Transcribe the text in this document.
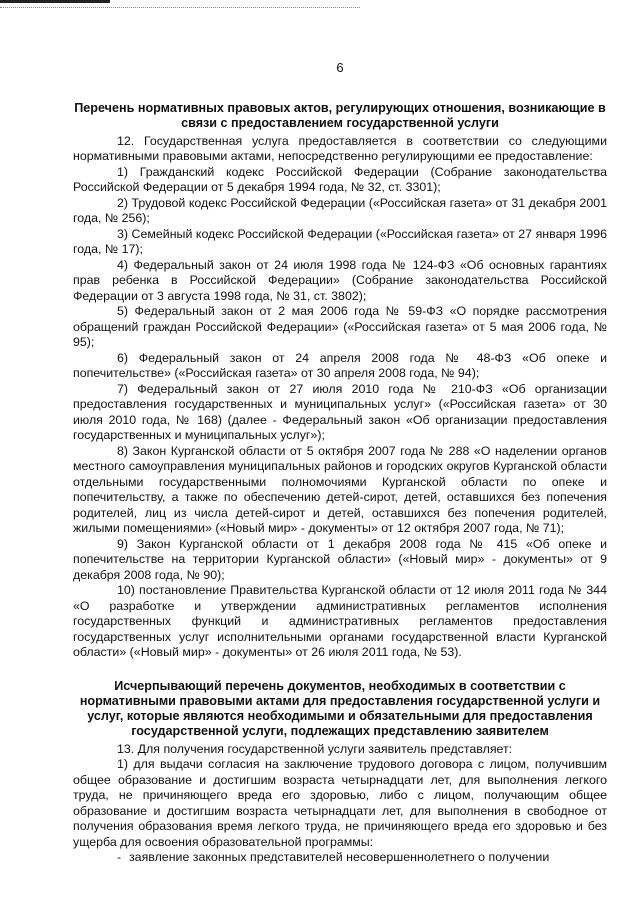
6
Перечень нормативных правовых актов, регулирующих отношения, возникающие в связи с предоставлением государственной услуги

12. Государственная услуга предоставляется в соответствии со следующими нормативными правовыми актами, непосредственно регулирующими ее предоставление:

1) Гражданский кодекс Российской Федерации (Собрание законодательства Российской Федерации от 5 декабря 1994 года, № 32, ст. 3301);

2) Трудовой кодекс Российской Федерации («Российская газета» от 31 декабря 2001 года, № 256);

3) Семейный кодекс Российской Федерации («Российская газета» от 27 января 1996 года, № 17);

4) Федеральный закон от 24 июля 1998 года № 124-ФЗ «Об основных гарантиях прав ребенка в Российской Федерации» (Собрание законодательства Российской Федерации от 3 августа 1998 года, № 31, ст. 3802);

5) Федеральный закон от 2 мая 2006 года № 59-ФЗ «О порядке рассмотрения обращений граждан Российской Федерации» («Российская газета» от 5 мая 2006 года, № 95);

6) Федеральный закон от 24 апреля 2008 года № 48-ФЗ «Об опеке и попечительстве» («Российская газета» от 30 апреля 2008 года, № 94);

7) Федеральный закон от 27 июля 2010 года № 210-ФЗ «Об организации предоставления государственных и муниципальных услуг» («Российская газета» от 30 июля 2010 года, № 168) (далее - Федеральный закон «Об организации предоставления государственных и муниципальных услуг»);

8) Закон Курганской области от 5 октября 2007 года № 288 «О наделении органов местного самоуправления муниципальных районов и городских округов Курганской области отдельными государственными полномочиями Курганской области по опеке и попечительству, а также по обеспечению детей-сирот, детей, оставшихся без попечения родителей, лиц из числа детей-сирот и детей, оставшихся без попечения родителей, жилыми помещениями» («Новый мир» - документы» от 12 октября 2007 года, № 71);

9) Закон Курганской области от 1 декабря 2008 года № 415 «Об опеке и попечительстве на территории Курганской области» («Новый мир» - документы» от 9 декабря 2008 года, № 90);

10) постановление Правительства Курганской области от 12 июля 2011 года № 344 «О разработке и утверждении административных регламентов исполнения государственных функций и административных регламентов предоставления государственных услуг исполнительными органами государственной власти Курганской области» («Новый мир» - документы» от 26 июля 2011 года, № 53).

Исчерпывающий перечень документов, необходимых в соответствии с нормативными правовыми актами для предоставления государственной услуги и услуг, которые являются необходимыми и обязательными для предоставления государственной услуги, подлежащих представлению заявителем

13. Для получения государственной услуги заявитель представляет:

1) для выдачи согласия на заключение трудового договора с лицом, получившим общее образование и достигшим возраста четырнадцати лет, для выполнения легкого труда, не причиняющего вреда его здоровью, либо с лицом, получающим общее образование и достигшим возраста четырнадцати лет, для выполнения в свободное от получения образования время легкого труда, не причиняющего вреда его здоровью и без ущерба для освоения образовательной программы:

- заявление законных представителей несовершеннолетнего о получении
